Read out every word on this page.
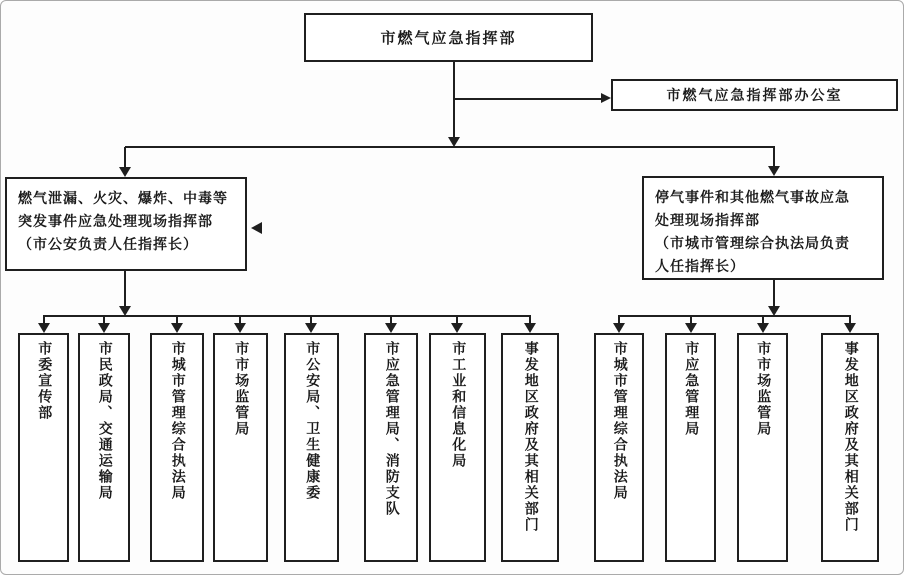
市燃气应急指挥部
市燃气应急指挥部办公室
燃气泄漏、火灾、爆炸、中毒等
突发事件应急处理现场指挥部
（市公安负责人任指挥长）
停气事件和其他燃气事故应急
处理现场指挥部
（市城市管理综合执法局负责
人任指挥长）
市委宣传部	市民政局、交通运输局	市城市管理综合执法局	市市场监管局	市公安局、卫生健康委	市应急管理局、消防支队	市工业和信息化局	事发地区政府及其相关部门	市城市管理综合执法局	市应急管理局	市市场监管局	事发地区政府及其相关部门
